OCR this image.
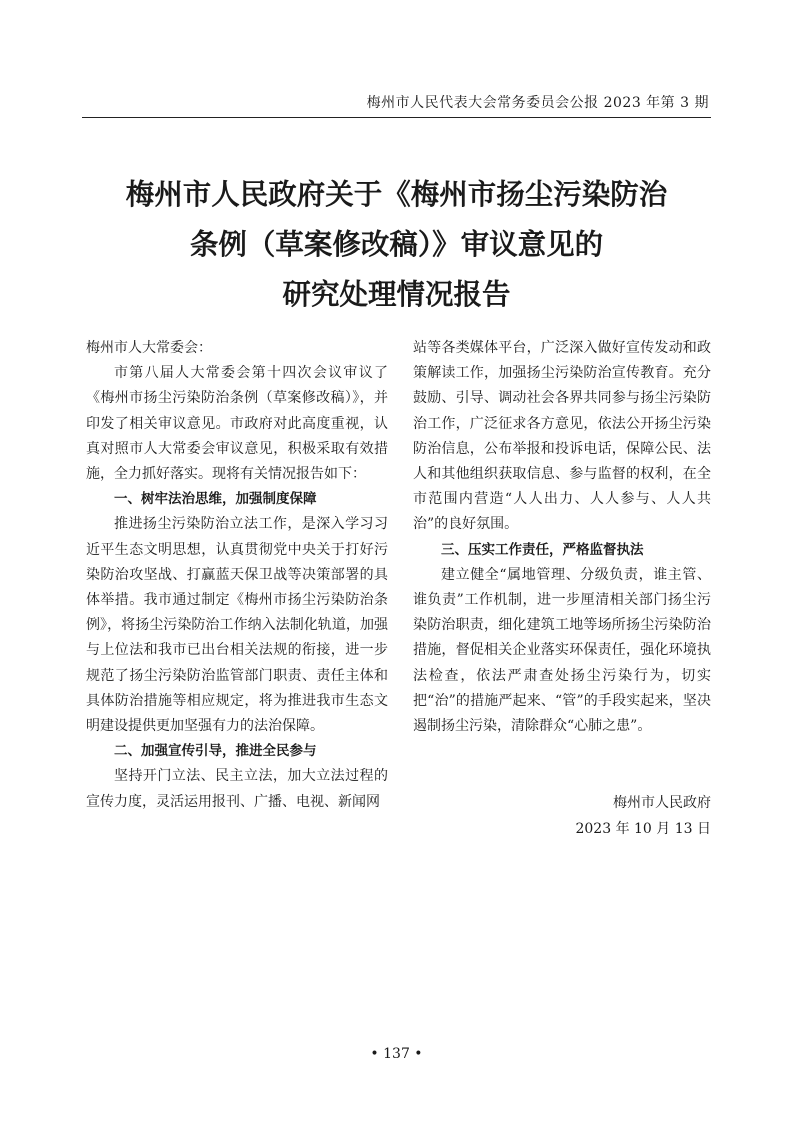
梅州市人民代表大会常务委员会公报 2023 年第 3 期
梅州市人民政府关于《梅州市扬尘污染防治
条例（草案修改稿）》审议意见的
研究处理情况报告

梅州市人大常委会：

市第八届人大常委会第十四次会议审议了《梅州市扬尘污染防治条例（草案修改稿）》，并印发了相关审议意见。市政府对此高度重视，认真对照市人大常委会审议意见，积极采取有效措施，全力抓好落实。现将有关情况报告如下：

一、树牢法治思维，加强制度保障

推进扬尘污染防治立法工作，是深入学习习近平生态文明思想，认真贯彻党中央关于打好污染防治攻坚战、打赢蓝天保卫战等决策部署的具体举措。我市通过制定《梅州市扬尘污染防治条例》，将扬尘污染防治工作纳入法制化轨道，加强与上位法和我市已出台相关法规的衔接，进一步规范了扬尘污染防治监管部门职责、责任主体和具体防治措施等相应规定，将为推进我市生态文明建设提供更加坚强有力的法治保障。

二、加强宣传引导，推进全民参与

坚持开门立法、民主立法，加大立法过程的宣传力度，灵活运用报刊、广播、电视、新闻网

站等各类媒体平台，广泛深入做好宣传发动和政策解读工作，加强扬尘污染防治宣传教育。充分鼓励、引导、调动社会各界共同参与扬尘污染防治工作，广泛征求各方意见，依法公开扬尘污染防治信息，公布举报和投诉电话，保障公民、法人和其他组织获取信息、参与监督的权利，在全市范围内营造“人人出力、人人参与、人人共治”的良好氛围。

三、压实工作责任，严格监督执法

建立健全“属地管理、分级负责，谁主管、谁负责”工作机制，进一步厘清相关部门扬尘污染防治职责，细化建筑工地等场所扬尘污染防治措施，督促相关企业落实环保责任，强化环境执法检查，依法严肃查处扬尘污染行为，切实把“治”的措施严起来、“管”的手段实起来，坚决遏制扬尘污染，清除群众“心肺之患”。

梅州市人民政府
2023 年 10 月 13 日
• 137 •
